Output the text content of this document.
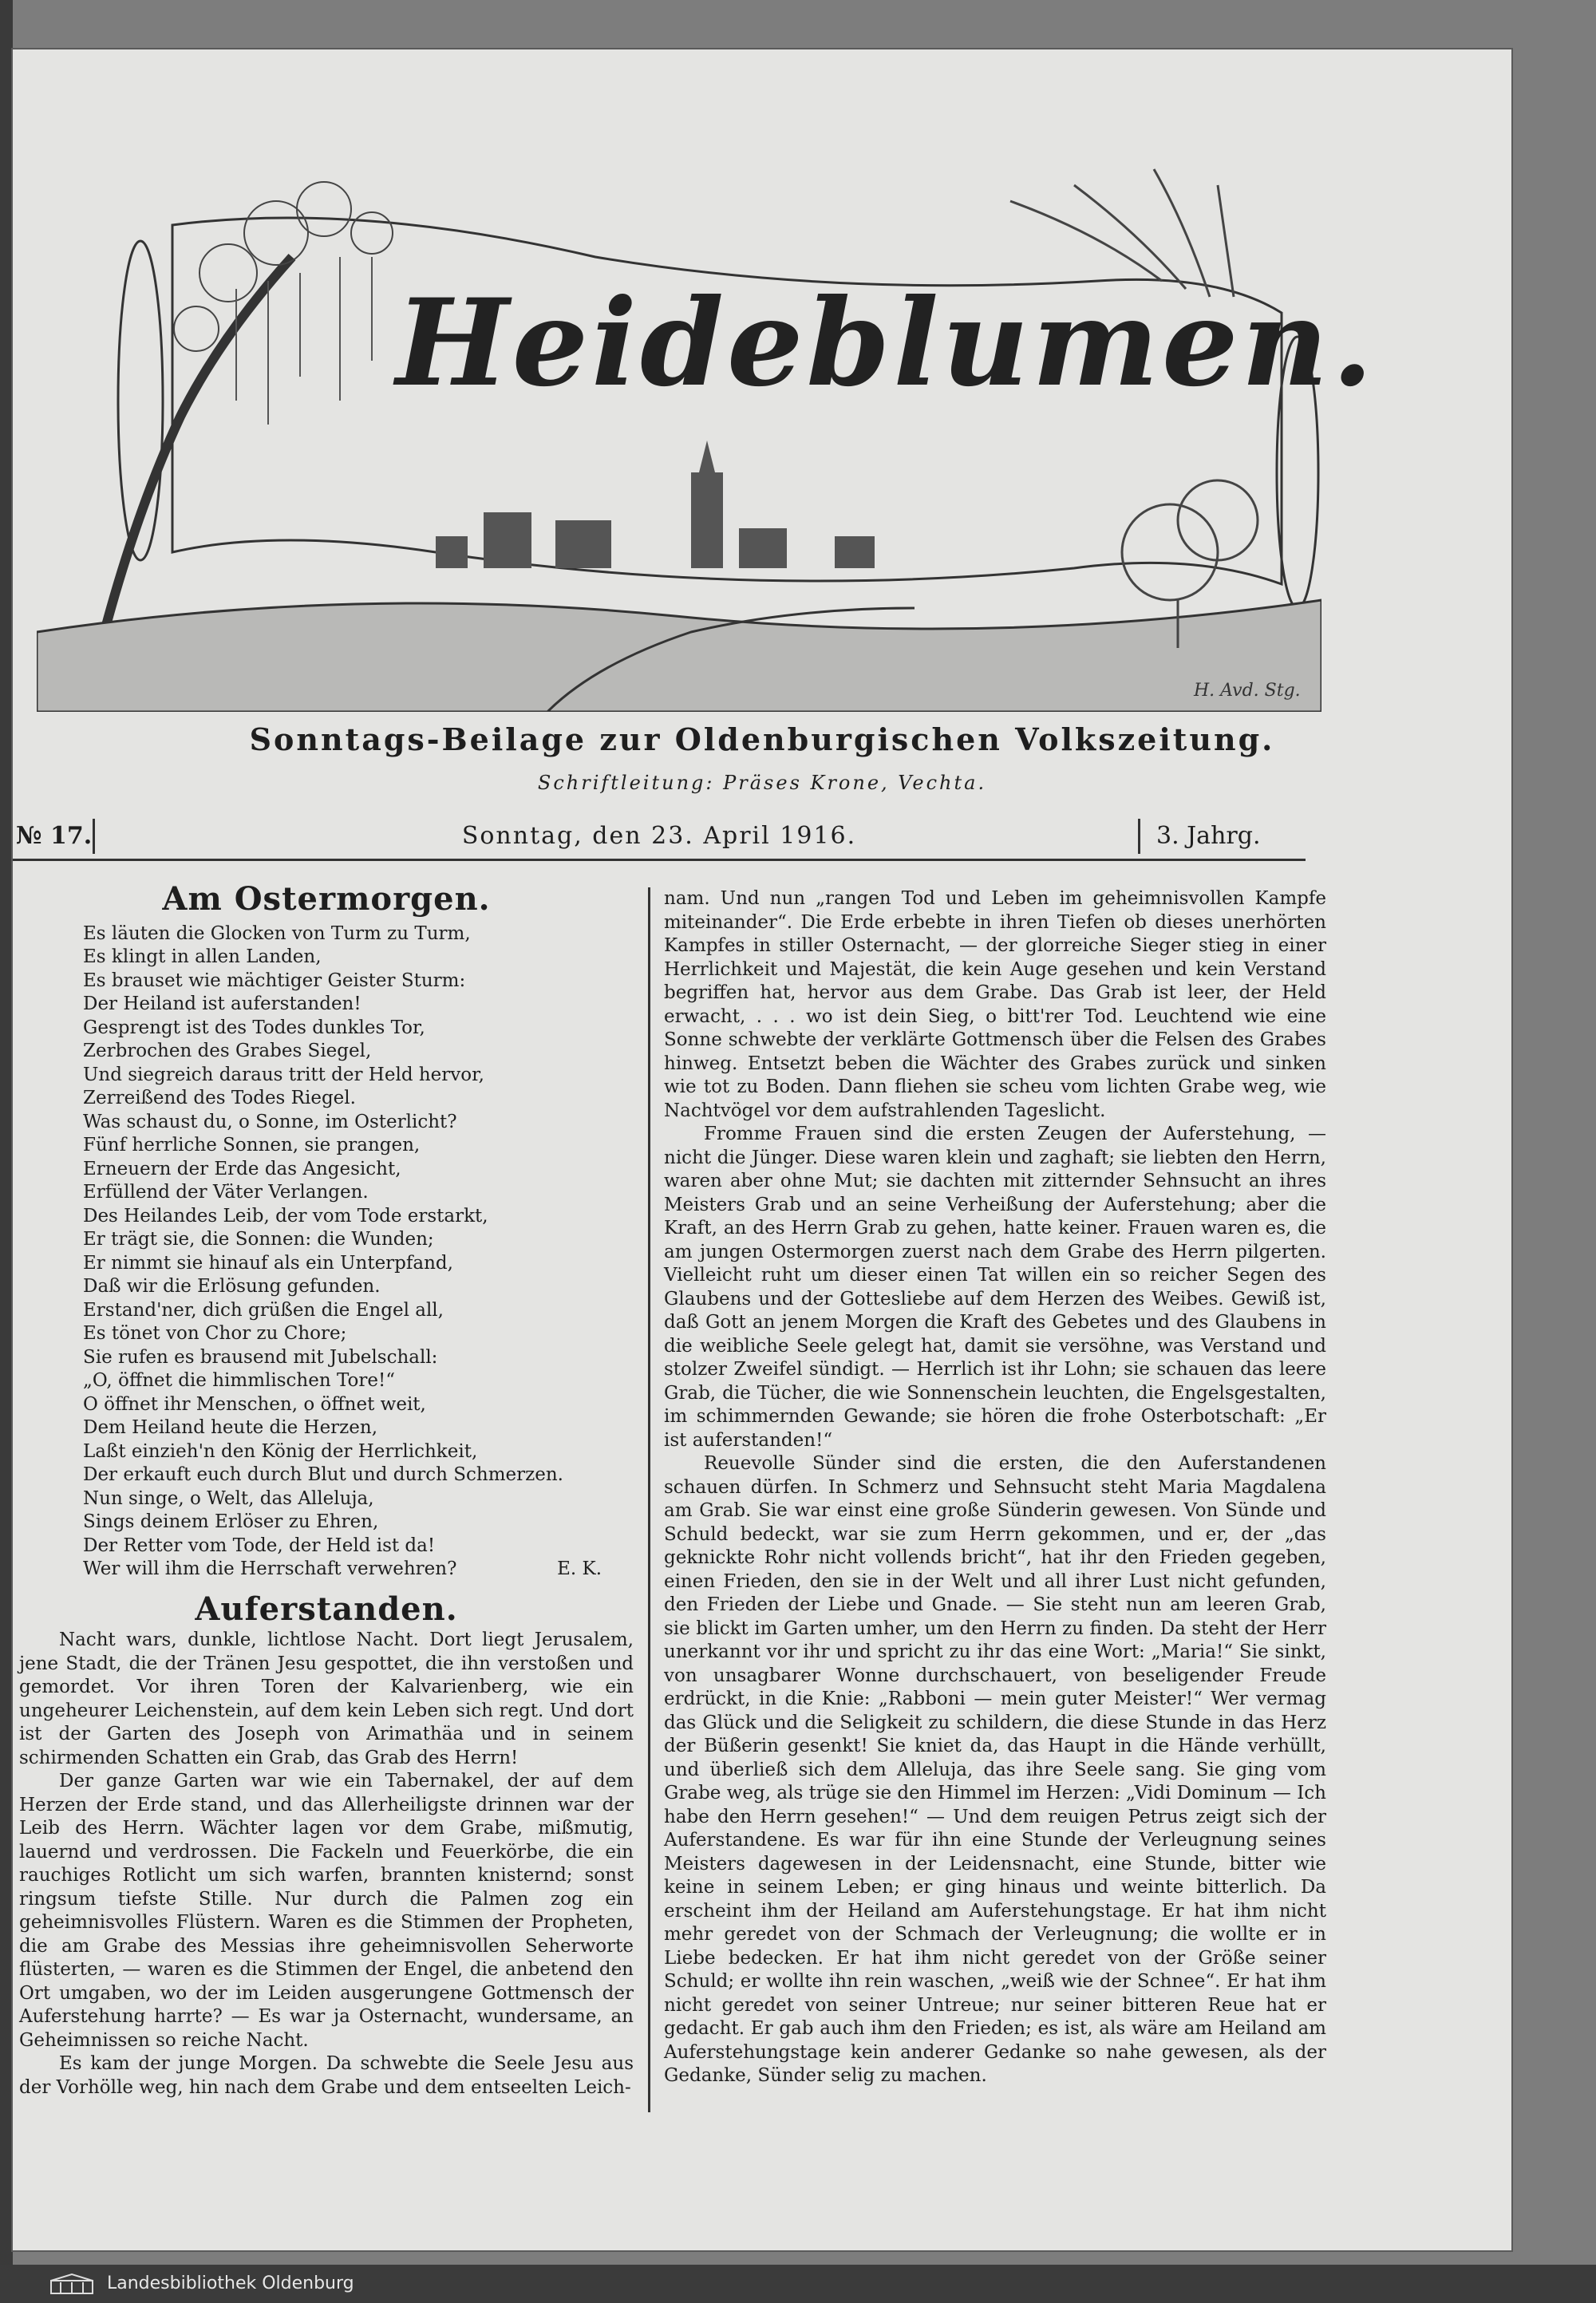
H. Avd. Stg.
Heideblumen.
Sonntags-Beilage zur Oldenburgischen Volkszeitung.
Schriftleitung: Präses Krone, Vechta.
Sonntag, den 23. April 1916.
№ 17.	3. Jahrg.
Am Ostermorgen.
Es läuten die Glocken von Turm zu Turm,
Es klingt in allen Landen,
Es brauset wie mächtiger Geister Sturm:
Der Heiland ist auferstanden!
Gesprengt ist des Todes dunkles Tor,
Zerbrochen des Grabes Siegel,
Und siegreich daraus tritt der Held hervor,
Zerreißend des Todes Riegel.
Was schaust du, o Sonne, im Osterlicht?
Fünf herrliche Sonnen, sie prangen,
Erneuern der Erde das Angesicht,
Erfüllend der Väter Verlangen.
Des Heilandes Leib, der vom Tode erstarkt,
Er trägt sie, die Sonnen: die Wunden;
Er nimmt sie hinauf als ein Unterpfand,
Daß wir die Erlösung gefunden.
Erstand'ner, dich grüßen die Engel all,
Es tönet von Chor zu Chore;
Sie rufen es brausend mit Jubelschall:
„O, öffnet die himmlischen Tore!“
O öffnet ihr Menschen, o öffnet weit,
Dem Heiland heute die Herzen,
Laßt einzieh'n den König der Herrlichkeit,
Der erkauft euch durch Blut und durch Schmerzen.
Nun singe, o Welt, das Alleluja,
Sings deinem Erlöser zu Ehren,
Der Retter vom Tode, der Held ist da!
Wer will ihm die Herrschaft verwehren?	E. K.
Auferstanden.

Nacht wars, dunkle, lichtlose Nacht. Dort liegt Jerusalem, jene Stadt, die der Tränen Jesu gespottet, die ihn verstoßen und gemordet. Vor ihren Toren der Kalvarienberg, wie ein ungeheurer Leichenstein, auf dem kein Leben sich regt. Und dort ist der Garten des Joseph von Arimathäa und in seinem schirmenden Schatten ein Grab, das Grab des Herrn!

Der ganze Garten war wie ein Tabernakel, der auf dem Herzen der Erde stand, und das Allerheiligste drinnen war der Leib des Herrn. Wächter lagen vor dem Grabe, mißmutig, lauernd und verdrossen. Die Fackeln und Feuerkörbe, die ein rauchiges Rotlicht um sich warfen, brannten knisternd; sonst ringsum tiefste Stille. Nur durch die Palmen zog ein geheimnisvolles Flüstern. Waren es die Stimmen der Propheten, die am Grabe des Messias ihre geheimnisvollen Seherworte flüsterten, — waren es die Stimmen der Engel, die anbetend den Ort umgaben, wo der im Leiden ausgerungene Gottmensch der Auferstehung harrte? — Es war ja Osternacht, wundersame, an Geheimnissen so reiche Nacht.

Es kam der junge Morgen. Da schwebte die Seele Jesu aus der Vorhölle weg, hin nach dem Grabe und dem entseelten Leich-

nam. Und nun „rangen Tod und Leben im geheimnisvollen Kampfe miteinander“. Die Erde erbebte in ihren Tiefen ob dieses unerhörten Kampfes in stiller Osternacht, — der glorreiche Sieger stieg in einer Herrlichkeit und Majestät, die kein Auge gesehen und kein Verstand begriffen hat, hervor aus dem Grabe. Das Grab ist leer, der Held erwacht, . . . wo ist dein Sieg, o bitt'rer Tod. Leuchtend wie eine Sonne schwebte der verklärte Gottmensch über die Felsen des Grabes hinweg. Entsetzt beben die Wächter des Grabes zurück und sinken wie tot zu Boden. Dann fliehen sie scheu vom lichten Grabe weg, wie Nachtvögel vor dem aufstrahlenden Tageslicht.

Fromme Frauen sind die ersten Zeugen der Auferstehung, — nicht die Jünger. Diese waren klein und zaghaft; sie liebten den Herrn, waren aber ohne Mut; sie dachten mit zitternder Sehnsucht an ihres Meisters Grab und an seine Verheißung der Auferstehung; aber die Kraft, an des Herrn Grab zu gehen, hatte keiner. Frauen waren es, die am jungen Ostermorgen zuerst nach dem Grabe des Herrn pilgerten. Vielleicht ruht um dieser einen Tat willen ein so reicher Segen des Glaubens und der Gottesliebe auf dem Herzen des Weibes. Gewiß ist, daß Gott an jenem Morgen die Kraft des Gebetes und des Glaubens in die weibliche Seele gelegt hat, damit sie versöhne, was Verstand und stolzer Zweifel sündigt. — Herrlich ist ihr Lohn; sie schauen das leere Grab, die Tücher, die wie Sonnenschein leuchten, die Engelsgestalten, im schimmernden Gewande; sie hören die frohe Osterbotschaft: „Er ist auferstanden!“

Reuevolle Sünder sind die ersten, die den Auferstandenen schauen dürfen. In Schmerz und Sehnsucht steht Maria Magdalena am Grab. Sie war einst eine große Sünderin gewesen. Von Sünde und Schuld bedeckt, war sie zum Herrn gekommen, und er, der „das geknickte Rohr nicht vollends bricht“, hat ihr den Frieden gegeben, einen Frieden, den sie in der Welt und all ihrer Lust nicht gefunden, den Frieden der Liebe und Gnade. — Sie steht nun am leeren Grab, sie blickt im Garten umher, um den Herrn zu finden. Da steht der Herr unerkannt vor ihr und spricht zu ihr das eine Wort: „Maria!“ Sie sinkt, von unsagbarer Wonne durchschauert, von beseligender Freude erdrückt, in die Knie: „Rabboni — mein guter Meister!“ Wer vermag das Glück und die Seligkeit zu schildern, die diese Stunde in das Herz der Büßerin gesenkt! Sie kniet da, das Haupt in die Hände verhüllt, und überließ sich dem Alleluja, das ihre Seele sang. Sie ging vom Grabe weg, als trüge sie den Himmel im Herzen: „Vidi Dominum — Ich habe den Herrn gesehen!“ — Und dem reuigen Petrus zeigt sich der Auferstandene. Es war für ihn eine Stunde der Verleugnung seines Meisters dagewesen in der Leidensnacht, eine Stunde, bitter wie keine in seinem Leben; er ging hinaus und weinte bitterlich. Da erscheint ihm der Heiland am Auferstehungstage. Er hat ihm nicht mehr geredet von der Schmach der Verleugnung; die wollte er in Liebe bedecken. Er hat ihm nicht geredet von der Größe seiner Schuld; er wollte ihn rein waschen, „weiß wie der Schnee“. Er hat ihm nicht geredet von seiner Untreue; nur seiner bitteren Reue hat er gedacht. Er gab auch ihm den Frieden; es ist, als wäre am Heiland am Auferstehungstage kein anderer Gedanke so nahe gewesen, als der Gedanke, Sünder selig zu machen.

Landesbibliothek Oldenburg
